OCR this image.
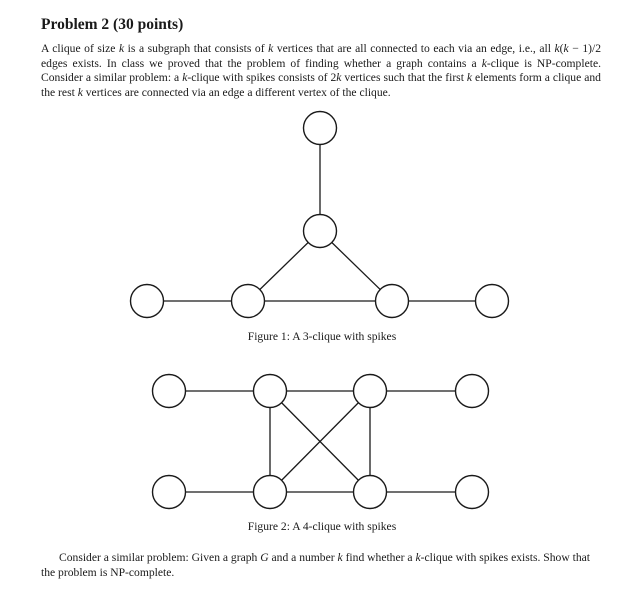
Problem 2 (30 points)

A clique of size k is a subgraph that consists of k vertices that are all connected to each via an edge, i.e., all k(k − 1)/2 edges exists. In class we proved that the problem of finding whether a graph contains a k-clique is NP-complete. Consider a similar problem: a k-clique with spikes consists of 2k vertices such that the first k elements form a clique and the rest k vertices are connected via an edge a different vertex of the clique.

Figure 1: A 3-clique with spikes

Figure 2: A 4-clique with spikes

Consider a similar problem: Given a graph G and a number k find whether a k-clique with spikes exists. Show that the problem is NP-complete.
